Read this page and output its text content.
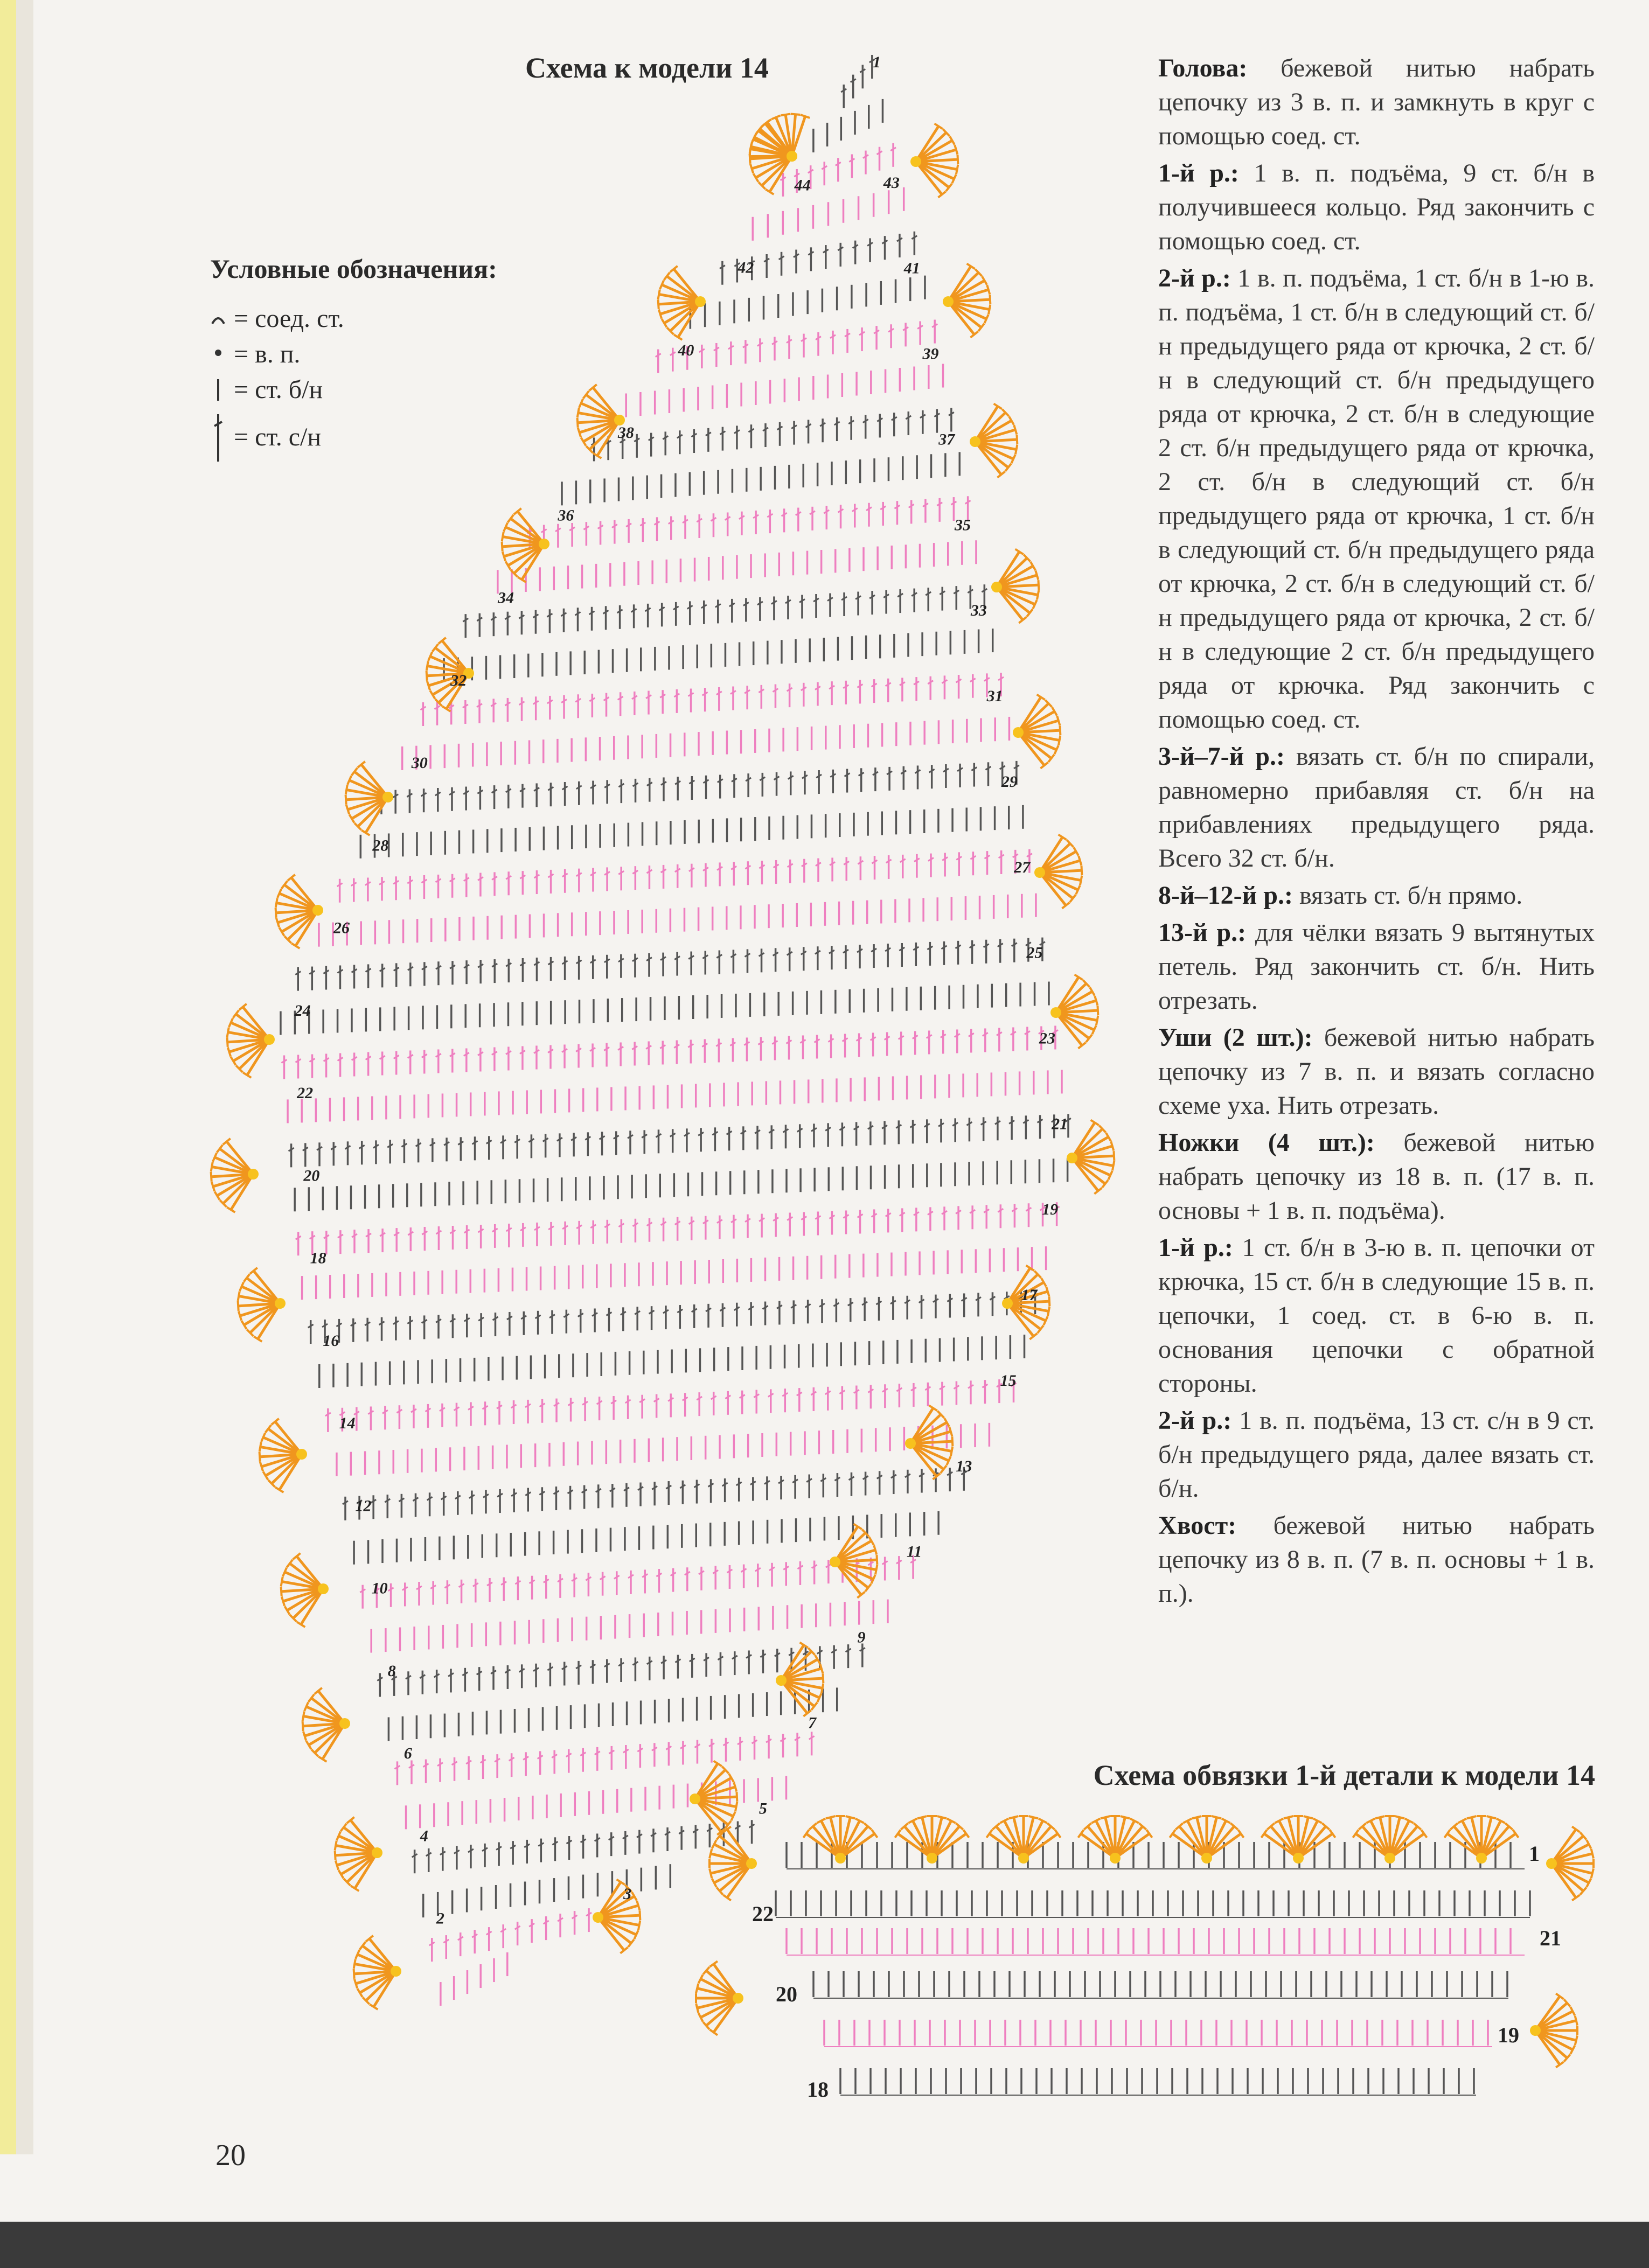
Схема к модели 14

Условные обозначения:

= соед. ст.
= в. п.
= ст. б/н
= ст. с/н
1
2
4
6
8
10
12
14
16
18
20
22
24
26
28
30
32
34
36
38
40
42
44
3
5
7
9
11
13
15
17
19
21
23
25
27
29
31
33
35
37
39
41
43

Голова: бежевой нитью набрать цепочку из 3 в. п. и замкнуть в круг с помощью соед. ст.

1-й р.: 1 в. п. подъёма, 9 ст. б/н в получившееся кольцо. Ряд закончить с помощью соед. ст.

2-й р.: 1 в. п. подъёма, 1 ст. б/н в 1-ю в. п. подъёма, 1 ст. б/н в следующий ст. б/н предыдущего ряда от крючка, 2 ст. б/н в следующий ст. б/н предыдущего ряда от крючка, 2 ст. б/н в следующие 2 ст. б/н предыдущего ряда от крючка, 2 ст. б/н в следующий ст. б/н предыдущего ряда от крючка, 1 ст. б/н в следующий ст. б/н предыдущего ряда от крючка, 2 ст. б/н в следующий ст. б/н предыдущего ряда от крючка, 2 ст. б/н в следующие 2 ст. б/н предыдущего ряда от крючка. Ряд закончить с помощью соед. ст.

3-й–7-й р.: вязать ст. б/н по спирали, равномерно прибавляя ст. б/н на прибавлениях предыдущего ряда. Всего 32 ст. б/н.

8-й–12-й р.: вязать ст. б/н прямо.

13-й р.: для чёлки вязать 9 вытянутых петель. Ряд закончить ст. б/н. Нить отрезать.

Уши (2 шт.): бежевой нитью набрать цепочку из 7 в. п. и вязать согласно схеме уха. Нить отрезать.

Ножки (4 шт.): бежевой нитью набрать цепочку из 18 в. п. (17 в. п. основы + 1 в. п. подъёма).

1-й р.: 1 ст. б/н в 3-ю в. п. цепочки от крючка, 15 ст. б/н в следующие 15 в. п. цепочки, 1 соед. ст. в 6-ю в. п. основания цепочки с обратной стороны.

2-й р.: 1 в. п. подъёма, 13 ст. с/н в 9 ст. б/н предыдущего ряда, далее вязать ст. б/н.

Хвост: бежевой нитью набрать цепочку из 8 в. п. (7 в. п. основы + 1 в. п.).

Схема обвязки 1-й детали к модели 14
1
18
19
20
21
22

20
